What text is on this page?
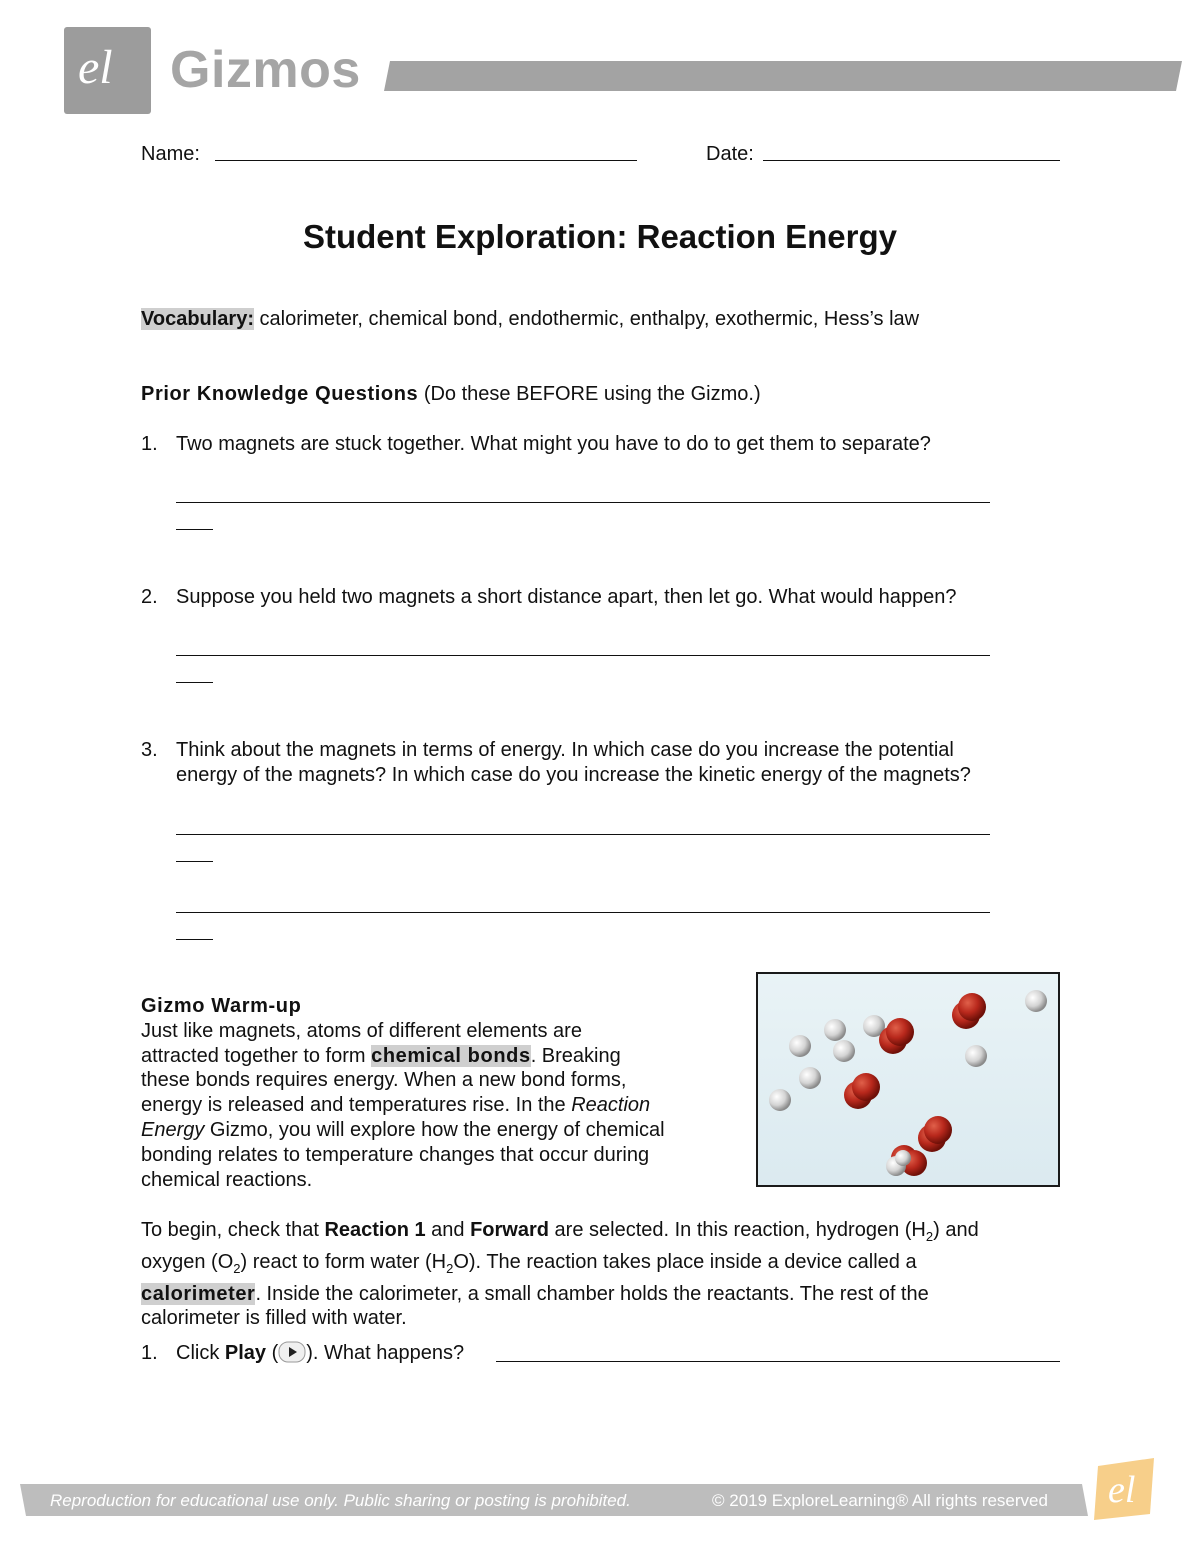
el Gizmos
Name:	Date:
Student Exploration: Reaction Energy
Vocabulary: calorimeter, chemical bond, endothermic, enthalpy, exothermic, Hess’s law
Prior Knowledge Questions (Do these BEFORE using the Gizmo.)
1. Two magnets are stuck together. What might you have to do to get them to separate?
2. Suppose you held two magnets a short distance apart, then let go. What would happen?
3. Think about the magnets in terms of energy. In which case do you increase the potential
energy of the magnets? In which case do you increase the kinetic energy of the magnets?
Gizmo Warm-up
Just like magnets, atoms of different elements are
attracted together to form chemical bonds. Breaking
these bonds requires energy. When a new bond forms,
energy is released and temperatures rise. In the Reaction
Energy Gizmo, you will explore how the energy of chemical
bonding relates to temperature changes that occur during
chemical reactions.
To begin, check that Reaction 1 and Forward are selected. In this reaction, hydrogen $(H_2)$ and
oxygen $(O_2)$ react to form water $(H_2O)$. The reaction takes place inside a device called a
calorimeter. Inside the calorimeter, a small chamber holds the reactants. The rest of the
calorimeter is filled with water.
1. Click Play ( ). What happens?
Reproduction for educational use only. Public sharing or posting is prohibited.	© 2019 ExploreLearning® All rights reserved el
